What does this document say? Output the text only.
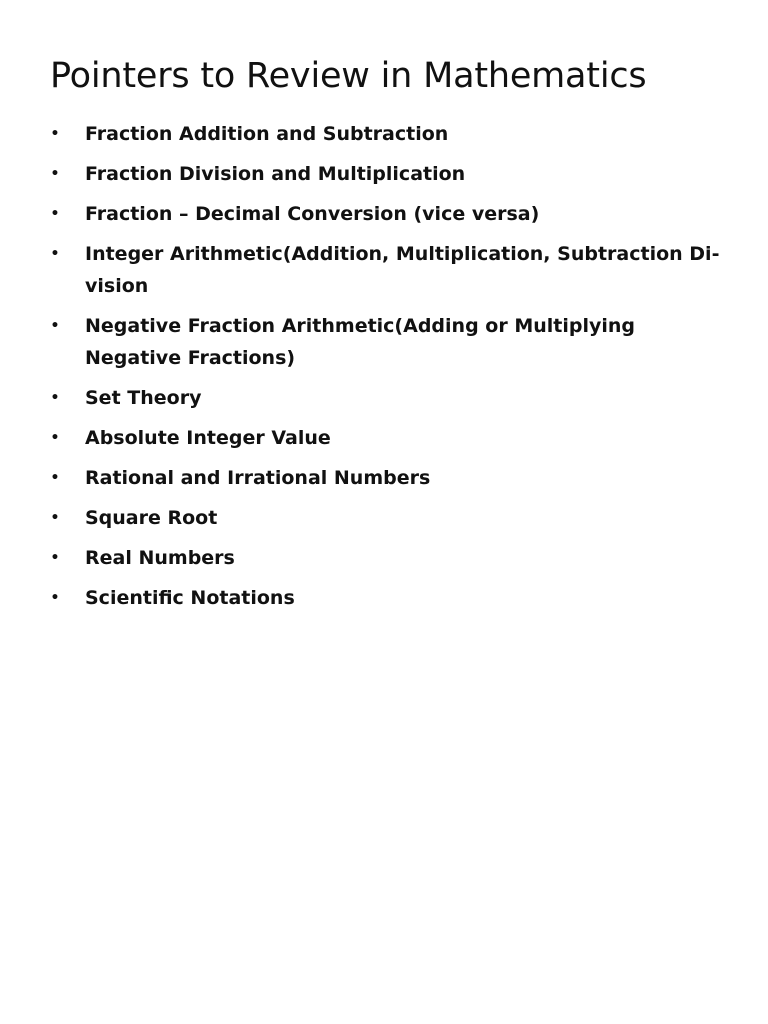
Pointers to Review in Mathematics
• Fraction Addition and Subtraction
• Fraction Division and Multiplication
• Fraction – Decimal Conversion (vice versa)
• Integer Arithmetic(Addition, Multiplication, Subtraction Di-vision
• Negative Fraction Arithmetic(Adding or Multiplying Negative Fractions)
• Set Theory
• Absolute Integer Value
• Rational and Irrational Numbers
• Square Root
• Real Numbers
• Scientific Notations
